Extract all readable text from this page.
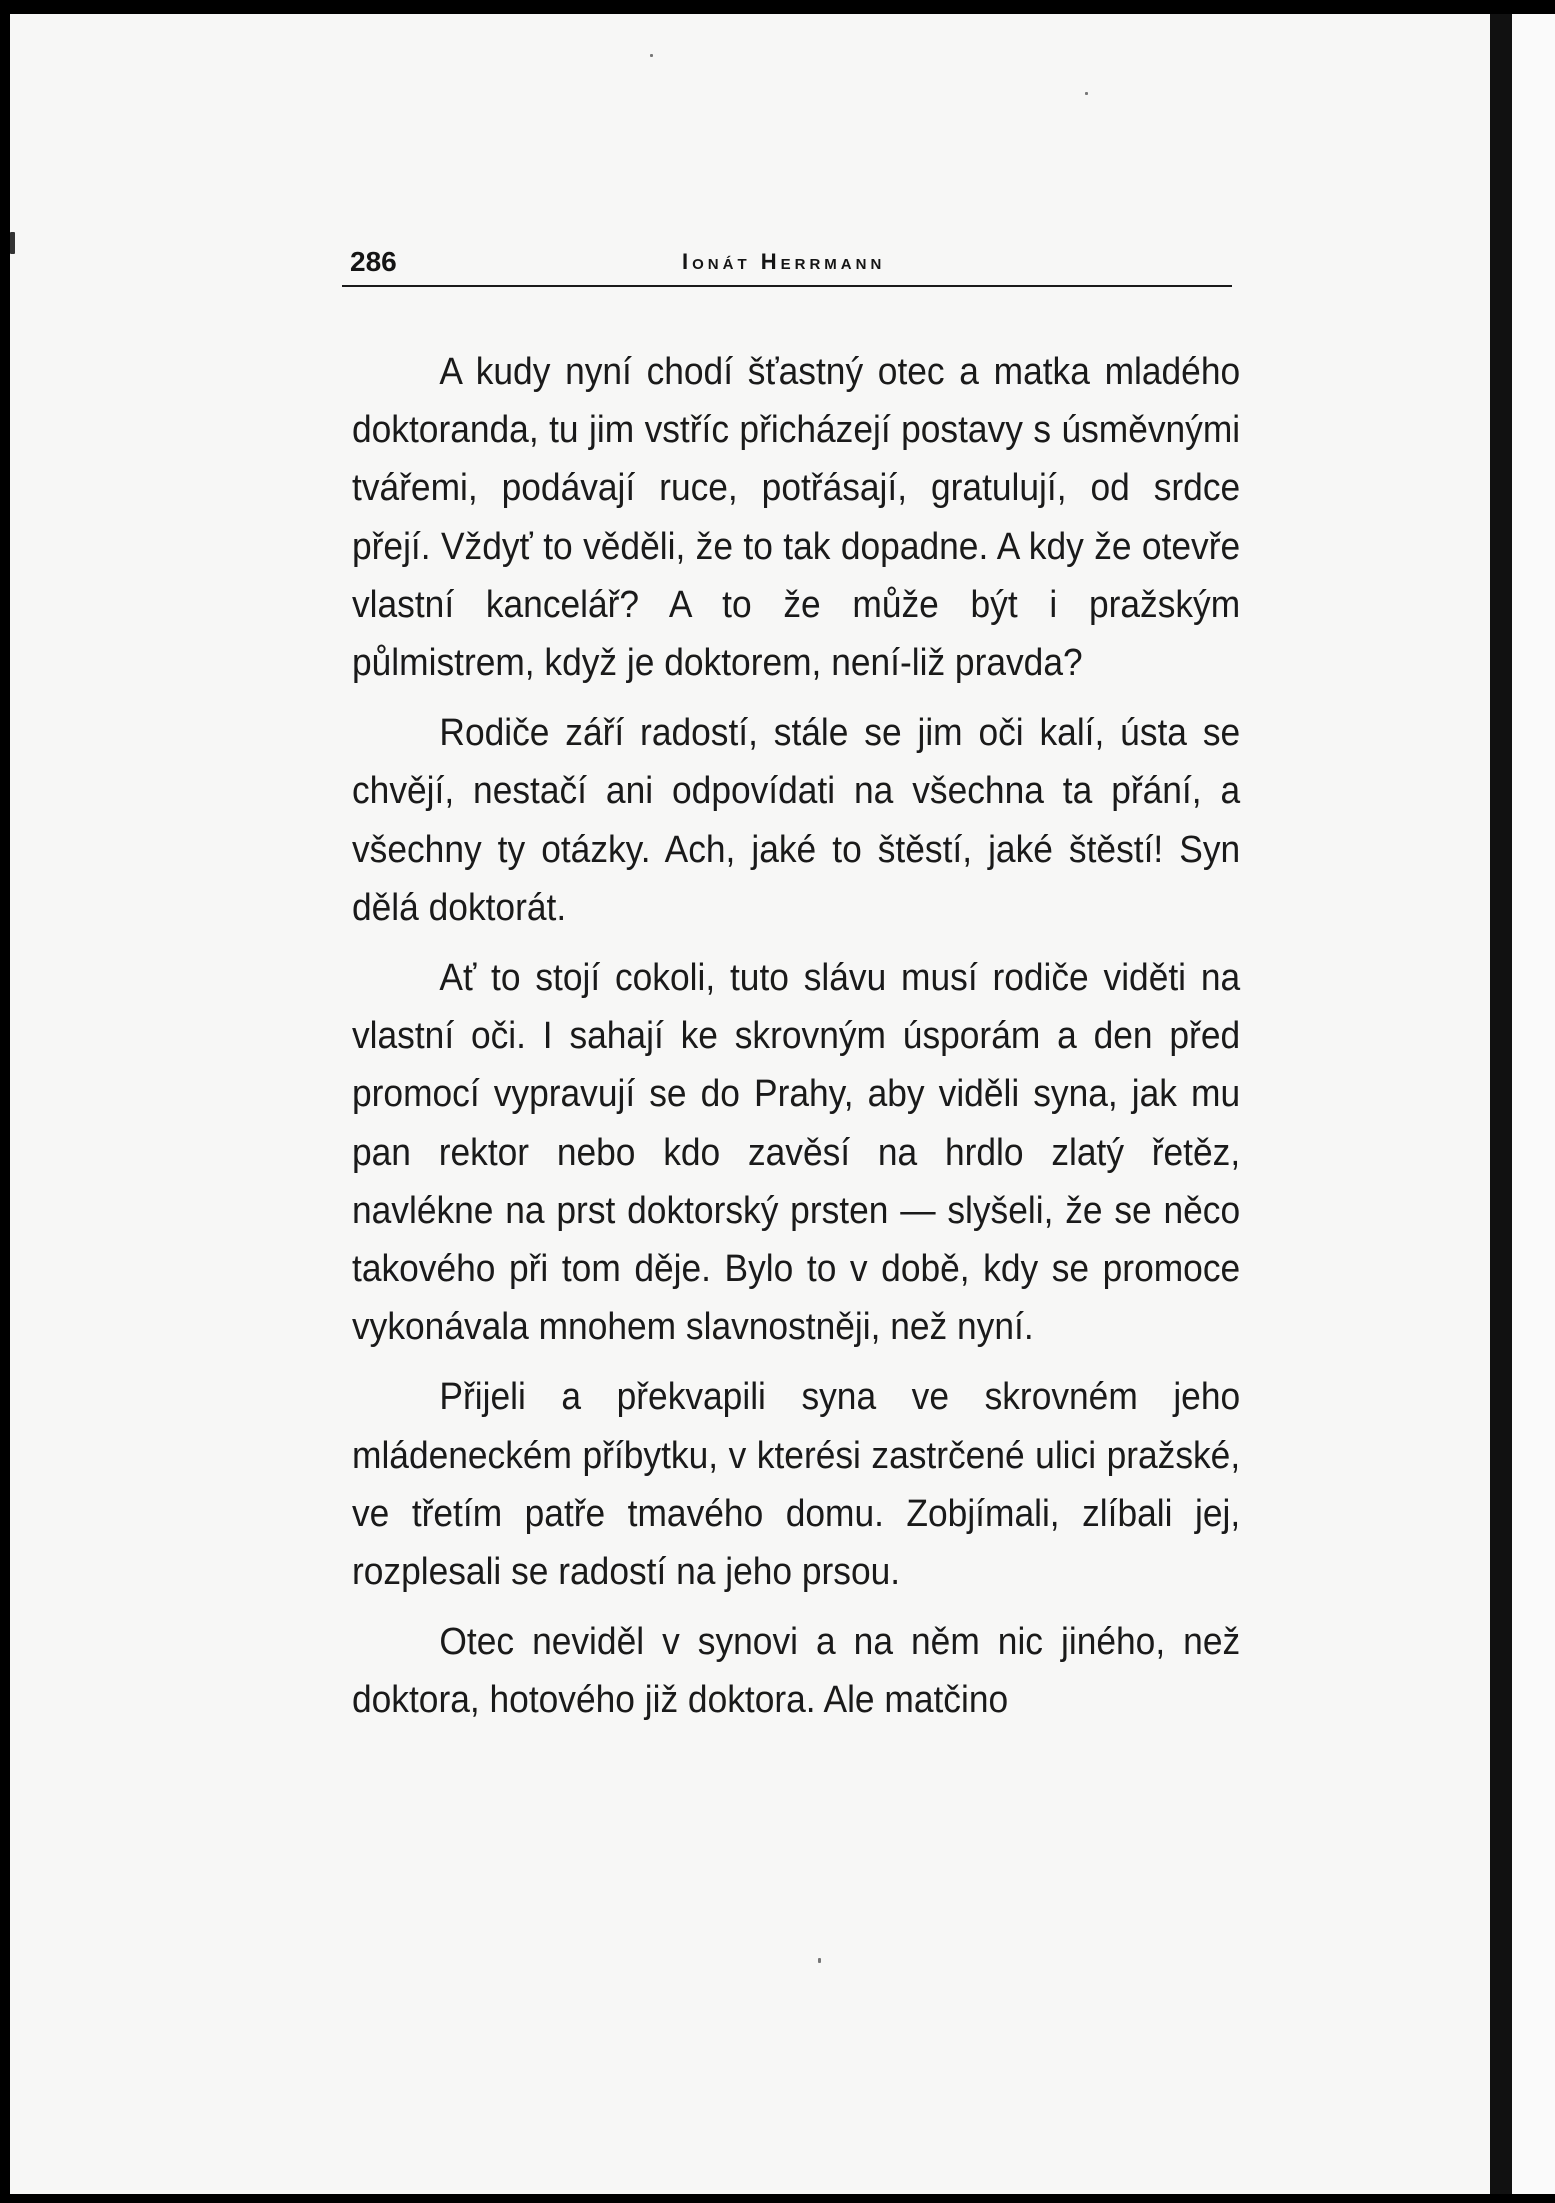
286	Ionát Herrmann

A kudy nyní chodí šťastný otec a matka mladého doktoranda, tu jim vstříc přicházejí postavy s úsměvnými tvářemi, podávají ruce, potřásají, gratulují, od srdce přejí. Vždyť to věděli, že to tak dopadne. A kdy že otevře vlastní kancelář? A to že může být i pražským půlmistrem, když je doktorem, není-liž pravda?

Rodiče září radostí, stále se jim oči kalí, ústa se chvějí, nestačí ani odpovídati na všechna ta přání, a všechny ty otázky. Ach, jaké to štěstí, jaké štěstí! Syn dělá doktorát.

Ať to stojí cokoli, tuto slávu musí rodiče viděti na vlastní oči. I sahají ke skrovným úsporám a den před promocí vypravují se do Prahy, aby viděli syna, jak mu pan rektor nebo kdo zavěsí na hrdlo zlatý řetěz, navlékne na prst doktorský prsten — slyšeli, že se něco takového při tom děje. Bylo to v době, kdy se promoce vykonávala mnohem slavnostněji, než nyní.

Přijeli a překvapili syna ve skrovném jeho mládeneckém příbytku, v kterési zastrčené ulici pražské, ve třetím patře tmavého domu. Zobjímali, zlíbali jej, rozplesali se radostí na jeho prsou.

Otec neviděl v synovi a na něm nic jiného, než doktora, hotového již doktora. Ale matčino
